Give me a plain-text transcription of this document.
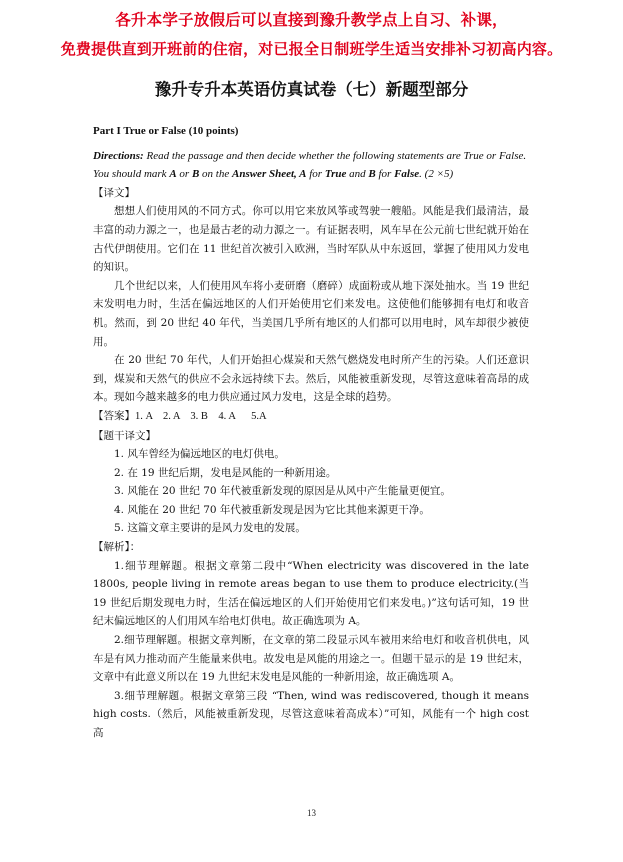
各升本学子放假后可以直接到豫升教学点上自习、补课，
免费提供直到开班前的住宿，对已报全日制班学生适当安排补习初高内容。
豫升专升本英语仿真试卷（七）新题型部分

Part I True or False (10 points)

Directions: Read the passage and then decide whether the following statements are True or False.

You should mark A or B on the Answer Sheet, A for True and B for False. (2 ×5)

【译文】

想想人们使用风的不同方式。你可以用它来放风筝或驾驶一艘船。风能是我们最清洁，最丰富的动力源之一，也是最古老的动力源之一。有证据表明，风车早在公元前七世纪就开始在古代伊朗使用。它们在 11 世纪首次被引入欧洲，当时军队从中东返回，掌握了使用风力发电的知识。

几个世纪以来，人们使用风车将小麦研磨（磨碎）成面粉或从地下深处抽水。当 19 世纪末发明电力时，生活在偏远地区的人们开始使用它们来发电。这使他们能够拥有电灯和收音机。然而，到 20 世纪 40 年代，当美国几乎所有地区的人们都可以用电时，风车却很少被使用。

在 20 世纪 70 年代，人们开始担心煤炭和天然气燃烧发电时所产生的污染。人们还意识到，煤炭和天然气的供应不会永远持续下去。然后，风能被重新发现，尽管这意味着高昂的成本。现如今越来越多的电力供应通过风力发电，这是全球的趋势。

【答案】1. A    2. A    3. B    4. A      5.A

【题干译文】

1. 风车曾经为偏远地区的电灯供电。

2. 在 19 世纪后期，发电是风能的一种新用途。

3. 风能在 20 世纪 70 年代被重新发现的原因是从风中产生能量更便宜。

4. 风能在 20 世纪 70 年代被重新发现是因为它比其他来源更干净。

5. 这篇文章主要讲的是风力发电的发展。

【解析】：

1.细节理解题。根据文章第二段中“When electricity was discovered in the late 1800s, people living in remote areas began to use them to produce electricity.(当 19 世纪后期发现电力时，生活在偏远地区的人们开始使用它们来发电。)”这句话可知，19 世纪末偏远地区的人们用风车给电灯供电。故正确选项为 A。

2.细节理解题。根据文章判断，在文章的第二段显示风车被用来给电灯和收音机供电，风车是有风力推动而产生能量来供电。故发电是风能的用途之一。但题干显示的是 19 世纪末，文章中有此意义所以在 19 九世纪末发电是风能的一种新用途，故正确选项 A。

3.细节理解题。根据文章第三段 “Then, wind was rediscovered, though it means high costs.（然后，风能被重新发现，尽管这意味着高成本）”可知，风能有一个 high cost 高

13
